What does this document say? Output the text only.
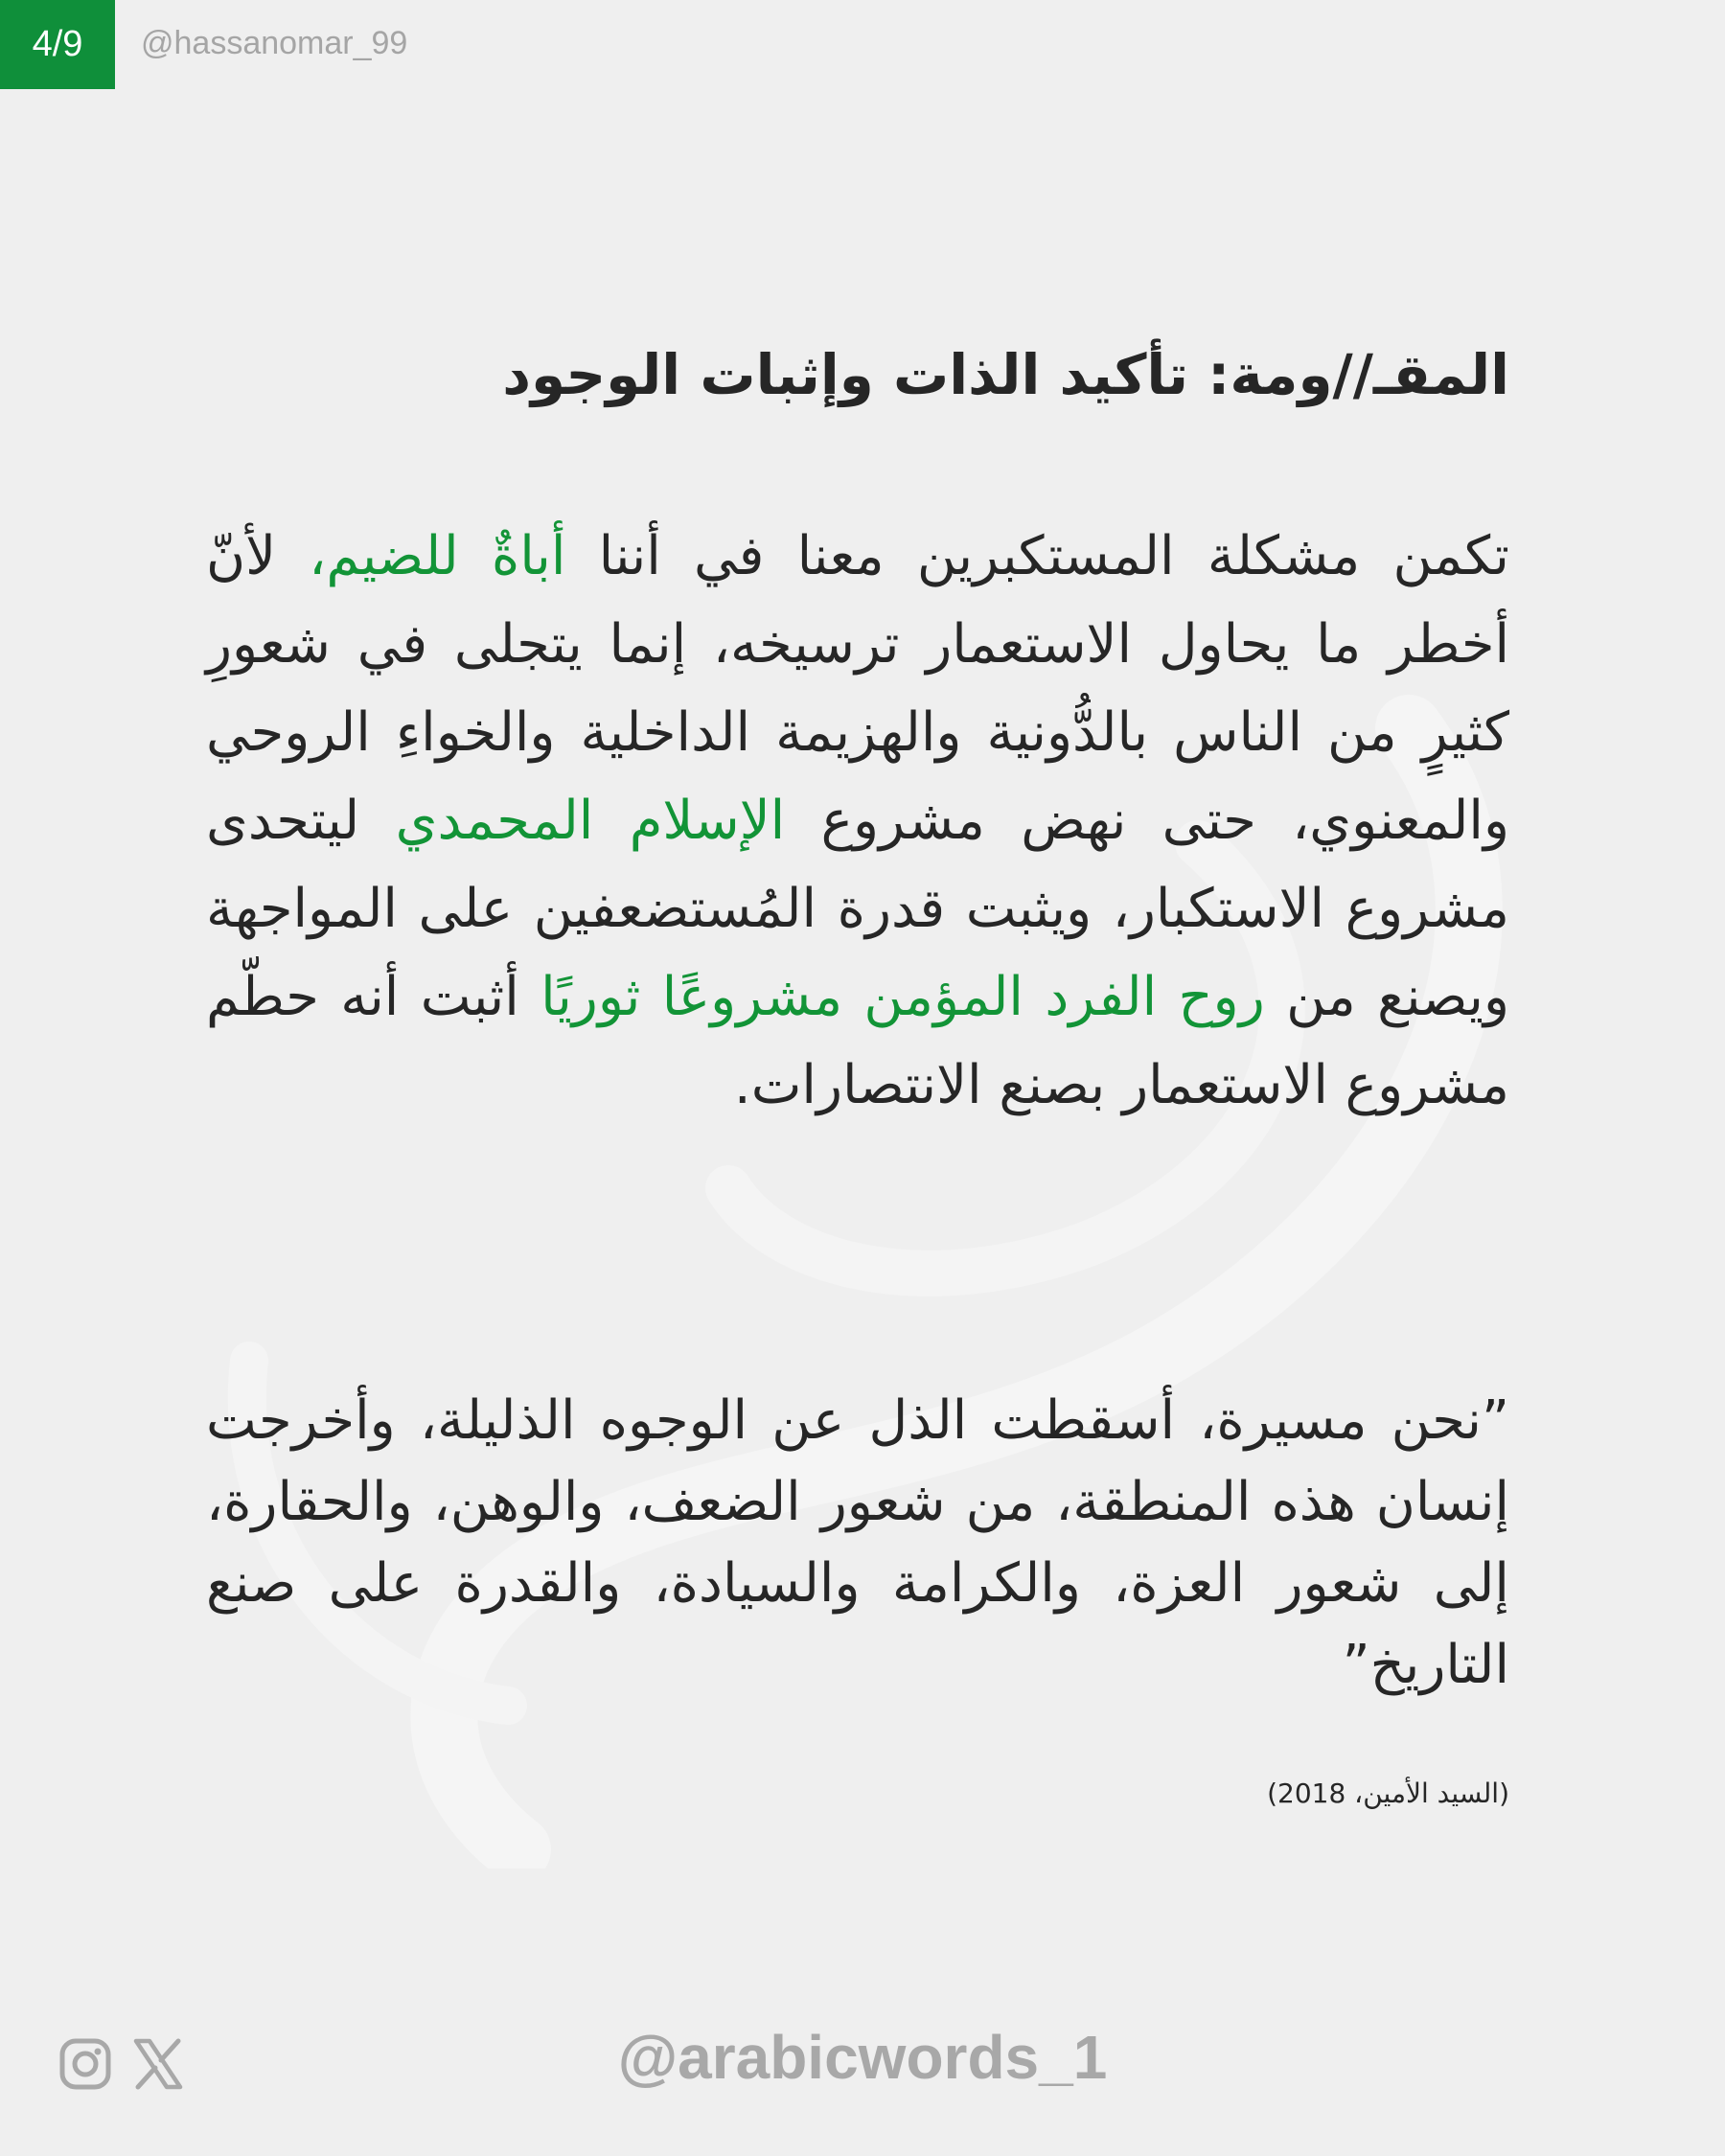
4/9	@hassanomar_99
المقـ//ومة: تأكيد الذات وإثبات الوجود
تكمن مشكلة المستكبرين معنا في أننا أباةٌ للضيم، لأنّ أخطر ما يحاول الاستعمار ترسيخه، إنما يتجلى في شعورِ كثيرٍ من الناس بالدُّونية والهزيمة الداخلية والخواءِ الروحي والمعنوي، حتى نهض مشروع الإسلام المحمدي ليتحدى مشروع الاستكبار، ويثبت قدرة المُستضعفين على المواجهة ويصنع من روح الفرد المؤمن مشروعًا ثوريًا أثبت أنه حطّم مشروع الاستعمار بصنع الانتصارات.
”نحن مسيرة، أسقطت الذل عن الوجوه الذليلة، وأخرجت إنسان هذه المنطقة، من شعور الضعف، والوهن، والحقارة، إلى شعور العزة، والكرامة والسيادة، والقدرة على صنع التاريخ”
(السيد الأمين، 2018)
@arabicwords_1
